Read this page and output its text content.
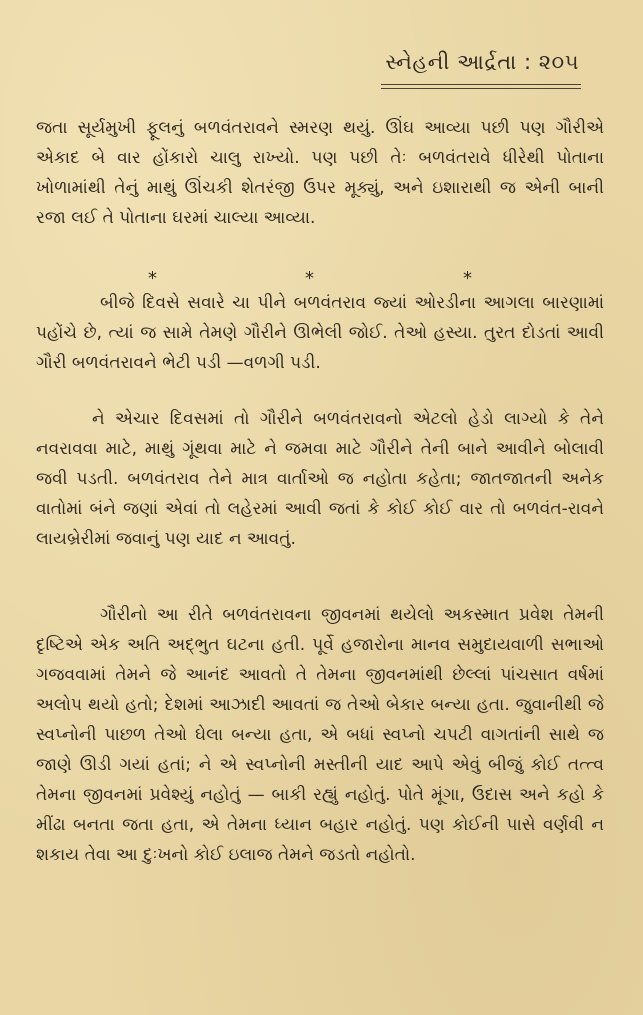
સ્નેહની આર્દ્રતા : ૨૦૫

જતા સૂર્યમુખી ફૂલનું બળવંતરાવને સ્મરણ થયું. ઊંઘ આવ્યા પછી પણ ગૌરીએ એકાદ બે વાર હોંકારો ચાલુ રાખ્યો. પણ પછી તેઃ બળવંતરાવે ધીરેથી પોતાના ખોળામાંથી તેનું માથું ઊંચકી શેતરંજી ઉપર મૂક્યું, અને ઇશારાથી જ એની બાની રજા લઈ તે પોતાના ઘરમાં ચાલ્યા આવ્યા.

*	*	*

બીજે દિવસે સવારે ચા પીને બળવંતરાવ જ્યાં ઓરડીના આગલા બારણામાં પહોંચે છે, ત્યાં જ સામે તેમણે ગૌરીને ઊભેલી જોઈ. તેઓ હસ્યા. તુરત દોડતાં આવી ગૌરી બળવંતરાવને ભેટી પડી —વળગી પડી.

ને એચાર દિવસમાં તો ગૌરીને બળવંતરાવનો એટલો હેડો લાગ્યો કે તેને નવરાવવા માટે, માથું ગૂંથવા માટે ને જમવા માટે ગૌરીને તેની બાને આવીને બોલાવી જવી પડતી. બળવંતરાવ તેને માત્ર વાર્તાઓ જ નહોતા કહેતા; જાતજાતની અનેક વાતોમાં બંને જણાં એવાં તો લહેરમાં આવી જતાં કે કોઈ કોઈ વાર તો બળવંત-રાવને લાયબ્રેરીમાં જવાનું પણ યાદ ન આવતું.

ગૌરીનો આ રીતે બળવંતરાવના જીવનમાં થયેલો અકસ્માત પ્રવેશ તેમની દૃષ્ટિએ એક અતિ અદ્ભુત ઘટના હતી. પૂર્વે હજારોના માનવ સમુદાયવાળી સભાઓ ગજવવામાં તેમને જે આનંદ આવતો તે તેમના જીવનમાંથી છેલ્લાં પાંચસાત વર્ષમાં અલોપ થયો હતો; દેશમાં આઝાદી આવતાં જ તેઓ બેકાર બન્યા હતા. જુવાનીથી જે સ્વપ્નોની પાછળ તેઓ ઘેલા બન્યા હતા, એ બધાં સ્વપ્નો ચપટી વાગતાંની સાથે જ જાણે ઊડી ગયાં હતાં; ને એ સ્વપ્નોની મસ્તીની યાદ આપે એવું બીજું કોઈ તત્ત્વ તેમના જીવનમાં પ્રવેશ્યું નહોતું — બાકી રહ્યું નહોતું. પોતે મૂંગા, ઉદાસ અને કહો કે મીંઢા બનતા જતા હતા, એ તેમના ધ્યાન બહાર નહોતું. પણ કોઈની પાસે વર્ણવી ન શકાય તેવા આ દુઃખનો કોઈ ઇલાજ તેમને જડતો નહોતો.
